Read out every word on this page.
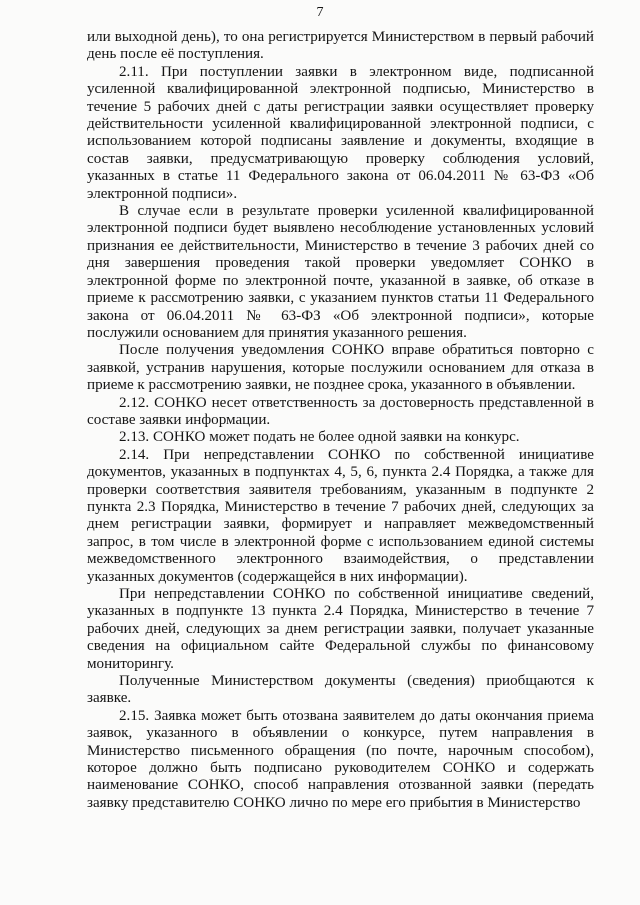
7

или выходной день), то она регистрируется Министерством в первый рабочий день после её поступления.

2.11. При поступлении заявки в электронном виде, подписанной усиленной квалифицированной электронной подписью, Министерство в течение 5 рабочих дней с даты регистрации заявки осуществляет проверку действительности усиленной квалифицированной электронной подписи, с использованием которой подписаны заявление и документы, входящие в состав заявки, предусматривающую проверку соблюдения условий, указанных в статье 11 Федерального закона от 06.04.2011 № 63-ФЗ «Об электронной подписи».

В случае если в результате проверки усиленной квалифицированной электронной подписи будет выявлено несоблюдение установленных условий признания ее действительности, Министерство в течение 3 рабочих дней со дня завершения проведения такой проверки уведомляет СОНКО в электронной форме по электронной почте, указанной в заявке, об отказе в приеме к рассмотрению заявки, с указанием пунктов статьи 11 Федерального закона от 06.04.2011 № 63-ФЗ «Об электронной подписи», которые послужили основанием для принятия указанного решения.

После получения уведомления СОНКО вправе обратиться повторно с заявкой, устранив нарушения, которые послужили основанием для отказа в приеме к рассмотрению заявки, не позднее срока, указанного в объявлении.

2.12. СОНКО несет ответственность за достоверность представленной в составе заявки информации.

2.13. СОНКО может подать не более одной заявки на конкурс.

2.14. При непредставлении СОНКО по собственной инициативе документов, указанных в подпунктах 4, 5, 6, пункта 2.4 Порядка, а также для проверки соответствия заявителя требованиям, указанным в подпункте 2 пункта 2.3 Порядка, Министерство в течение 7 рабочих дней, следующих за днем регистрации заявки, формирует и направляет межведомственный запрос, в том числе в электронной форме с использованием единой системы межведомственного электронного взаимодействия, о представлении указанных документов (содержащейся в них информации).

При непредставлении СОНКО по собственной инициативе сведений, указанных в подпункте 13 пункта 2.4 Порядка, Министерство в течение 7 рабочих дней, следующих за днем регистрации заявки, получает указанные сведения на официальном сайте Федеральной службы по финансовому мониторингу.

Полученные Министерством документы (сведения) приобщаются к заявке.

2.15. Заявка может быть отозвана заявителем до даты окончания приема заявок, указанного в объявлении о конкурсе, путем направления в Министерство письменного обращения (по почте, нарочным способом), которое должно быть подписано руководителем СОНКО и содержать наименование СОНКО, способ направления отозванной заявки (передать заявку представителю СОНКО лично по мере его прибытия в Министерство
